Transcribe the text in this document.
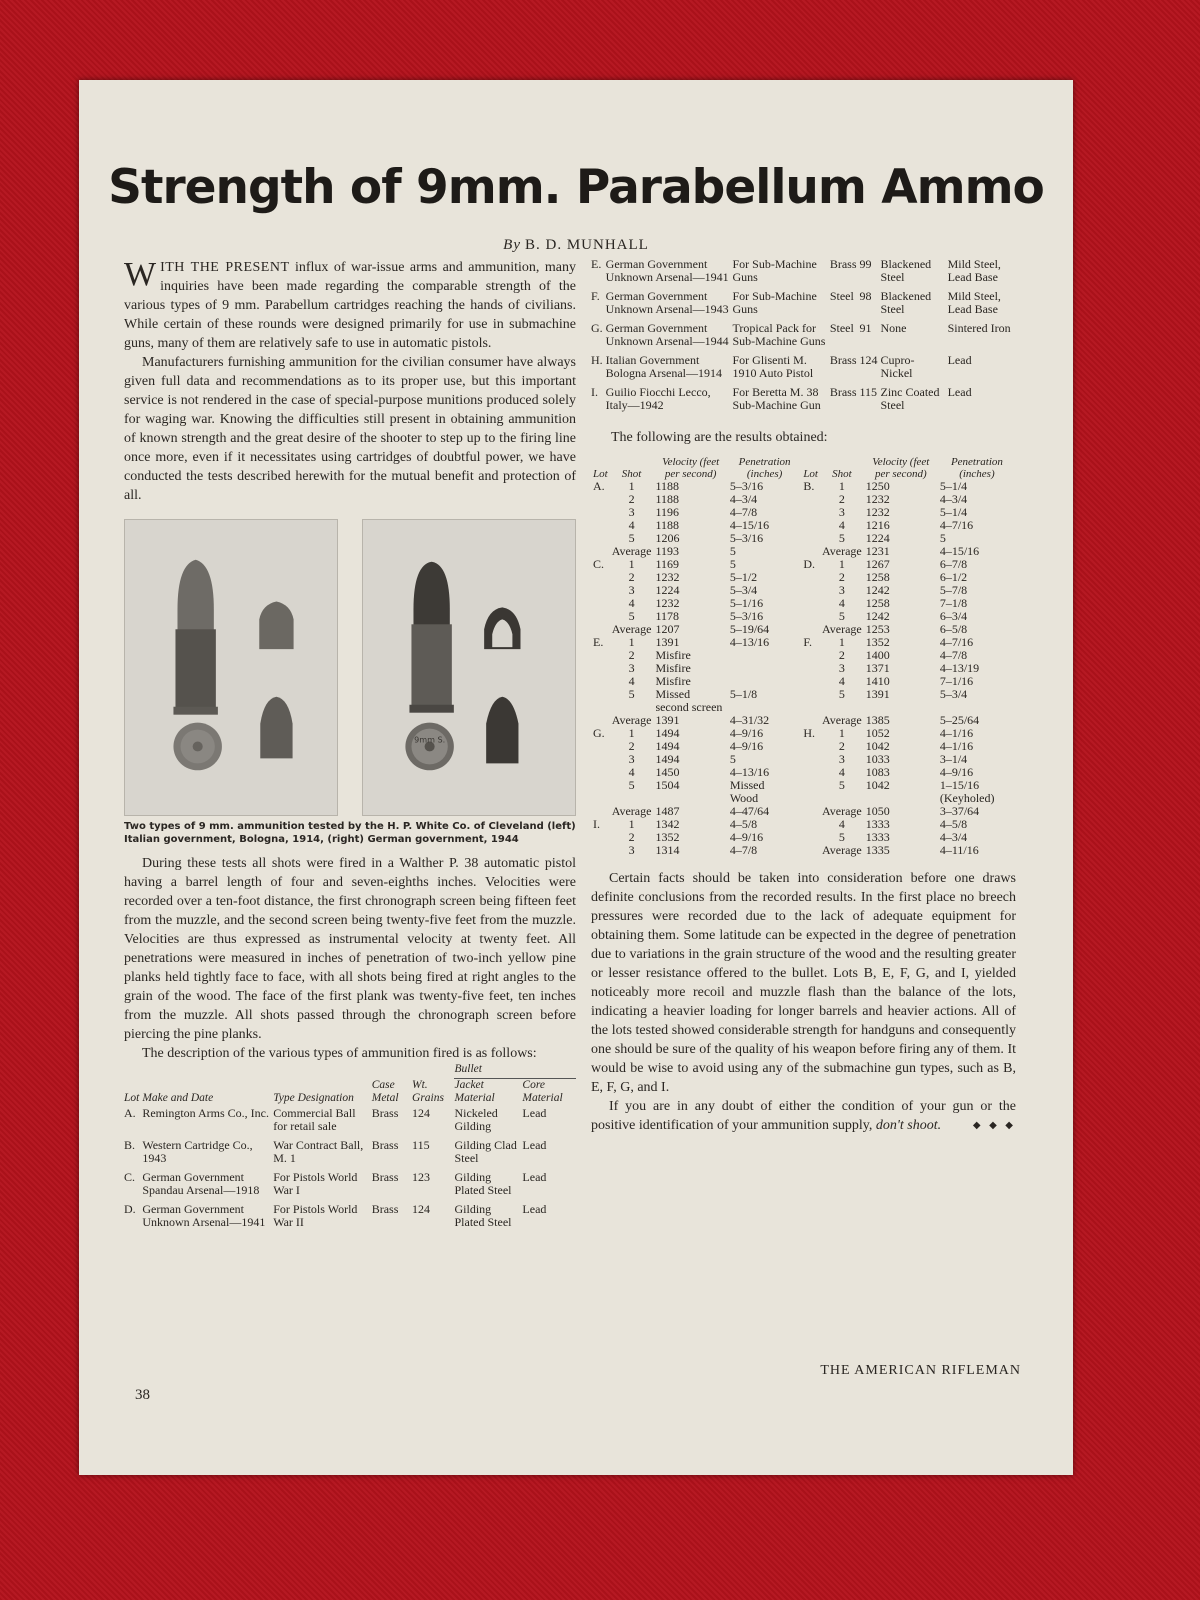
Strength of 9mm. Parabellum Ammo
By B. D. MUNHALL

WITH THE PRESENT influx of war-issue arms and ammunition, many inquiries have been made regarding the comparable strength of the various types of 9 mm. Parabellum cartridges reaching the hands of civilians. While certain of these rounds were designed primarily for use in submachine guns, many of them are relatively safe to use in automatic pistols.

Manufacturers furnishing ammunition for the civilian consumer have always given full data and recommendations as to its proper use, but this important service is not rendered in the case of special-purpose munitions produced solely for waging war. Knowing the difficulties still present in obtaining ammunition of known strength and the great desire of the shooter to step up to the firing line once more, even if it necessitates using cartridges of doubtful power, we have conducted the tests described herewith for the mutual benefit and protection of all.

9mm S.
Two types of 9 mm. ammunition tested by the H. P. White Co. of Cleveland (left) Italian government, Bologna, 1914, (right) German government, 1944

During these tests all shots were fired in a Walther P. 38 automatic pistol having a barrel length of four and seven-eighths inches. Velocities were recorded over a ten-foot distance, the first chronograph screen being fifteen feet from the muzzle, and the second screen being twenty-five feet from the muzzle. Velocities are thus expressed as instrumental velocity at twenty feet. All penetrations were measured in inches of penetration of two-inch yellow pine planks held tightly face to face, with all shots being fired at right angles to the grain of the wood. The face of the first plank was twenty-five feet, ten inches from the muzzle. All shots passed through the chronograph screen before piercing the pine planks.

The description of the various types of ammunition fired is as follows:

					Bullet	
Lot	Make and Date	Type Designation	Case Metal	Wt. Grains	Jacket Material	Core Material
A.	Remington Arms Co., Inc.	Commercial Ball for retail sale	Brass	124	Nickeled Gilding	Lead
B.	Western Cartridge Co., 1943	War Contract Ball, M. 1	Brass	115	Gilding Clad Steel	Lead
C.	German Government Spandau Arsenal—1918	For Pistols World War I	Brass	123	Gilding Plated Steel	Lead
D.	German Government Unknown Arsenal—1941	For Pistols World War II	Brass	124	Gilding Plated Steel	Lead
E.	German Government Unknown Arsenal—1941	For Sub-Machine Guns	Brass	99	Blackened Steel	Mild Steel, Lead Base
F.	German Government Unknown Arsenal—1943	For Sub-Machine Guns	Steel	98	Blackened Steel	Mild Steel, Lead Base
G.	German Government Unknown Arsenal—1944	Tropical Pack for Sub-Machine Guns	Steel	91	None	Sintered Iron
H.	Italian Government Bologna Arsenal—1914	For Glisenti M. 1910 Auto Pistol	Brass	124	Cupro-Nickel	Lead
I.	Guilio Fiocchi Lecco, Italy—1942	For Beretta M. 38 Sub-Machine Gun	Brass	115	Zinc Coated Steel	Lead
The following are the results obtained:
Lot	Shot	Velocity (feet per second)	Penetration (inches)	Lot	Shot	Velocity (feet per second)	Penetration (inches)
A.	1	1188	5–3/16	B.	1	1250	5–1/4
	2	1188	4–3/4		2	1232	4–3/4
	3	1196	4–7/8		3	1232	5–1/4
	4	1188	4–15/16		4	1216	4–7/16
	5	1206	5–3/16		5	1224	5
	Average	1193	5		Average	1231	4–15/16
C.	1	1169	5	D.	1	1267	6–7/8
	2	1232	5–1/2		2	1258	6–1/2
	3	1224	5–3/4		3	1242	5–7/8
	4	1232	5–1/16		4	1258	7–1/8
	5	1178	5–3/16		5	1242	6–3/4
	Average	1207	5–19/64		Average	1253	6–5/8
E.	1	1391	4–13/16	F.	1	1352	4–7/16
	2	Misfire			2	1400	4–7/8
	3	Misfire			3	1371	4–13/19
	4	Misfire			4	1410	7–1/16
	5	Missed second screen	5–1/8		5	1391	5–3/4
	Average	1391	4–31/32		Average	1385	5–25/64
G.	1	1494	4–9/16	H.	1	1052	4–1/16
	2	1494	4–9/16		2	1042	4–1/16
	3	1494	5		3	1033	3–1/4
	4	1450	4–13/16		4	1083	4–9/16
	5	1504	Missed Wood		5	1042	1–15/16 (Keyholed)
	Average	1487	4–47/64		Average	1050	3–37/64
I.	1	1342	4–5/8		4	1333	4–5/8
	2	1352	4–9/16		5	1333	4–3/4
	3	1314	4–7/8		Average	1335	4–11/16

Certain facts should be taken into consideration before one draws definite conclusions from the recorded results. In the first place no breech pressures were recorded due to the lack of adequate equipment for obtaining them. Some latitude can be expected in the degree of penetration due to variations in the grain structure of the wood and the resulting greater or lesser resistance offered to the bullet. Lots B, E, F, G, and I, yielded noticeably more recoil and muzzle flash than the balance of the lots, indicating a heavier loading for longer barrels and heavier actions. All of the lots tested showed considerable strength for handguns and consequently one should be sure of the quality of his weapon before firing any of them. It would be wise to avoid using any of the submachine gun types, such as B, E, F, G, and I.

If you are in any doubt of either the condition of your gun or the positive identification of your ammunition supply, don't shoot.	◆ ◆ ◆

THE AMERICAN RIFLEMAN
38
